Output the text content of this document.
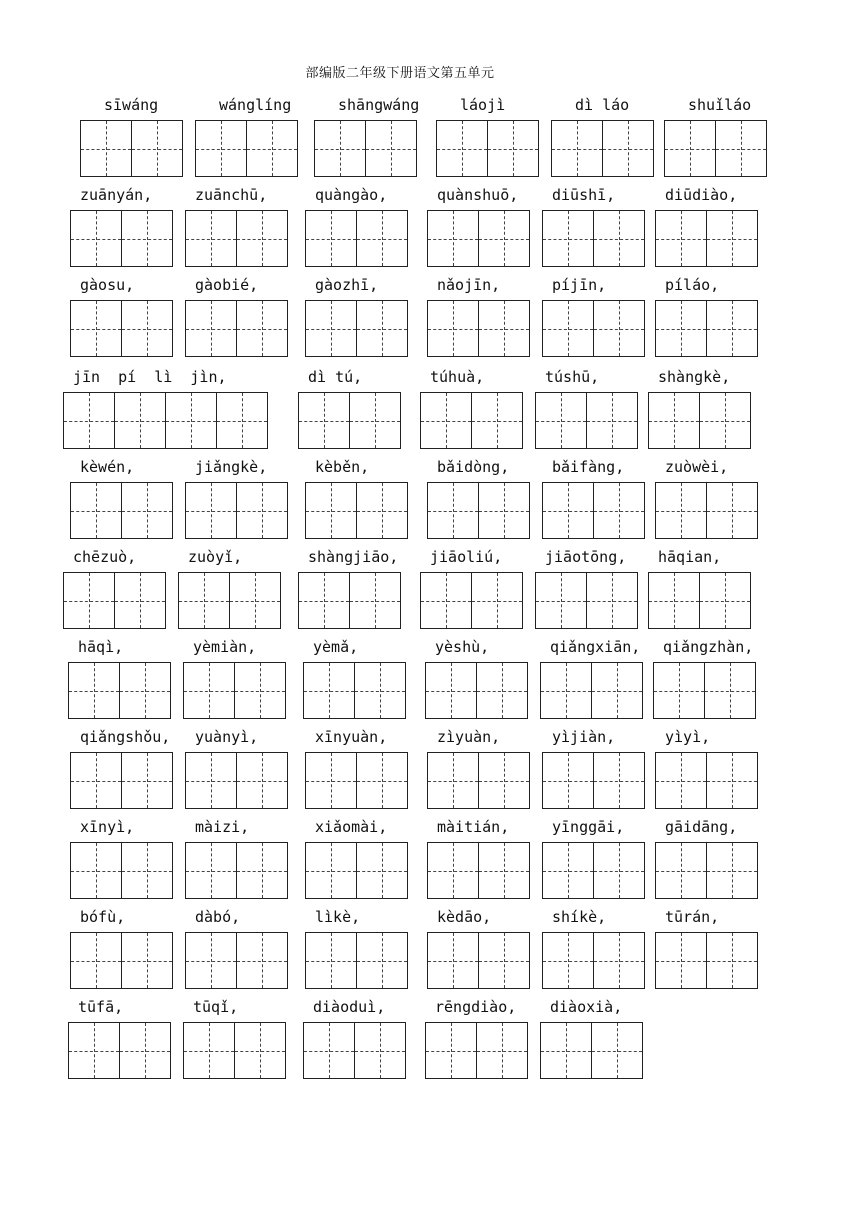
部编版二年级下册语文第五单元
sīwáng	wánglíng	shāngwáng	láojì	dì láo	shuǐláo
zuānyán,	zuānchū,	quàngào,	quànshuō, diūshī,	diūdiào,
gàosu,	gàobié,	gàozhī,	nǎojīn,	píjīn,	píláo,
jīn  pí  lì  jìn,	dì tú,	túhuà,	túshū,	shàngkè,
kèwén,	jiǎngkè,	kèběn,	bǎidòng,	bǎifàng,	zuòwèi,
chēzuò,	zuòyǐ,	shàngjiāo, jiāoliú,	jiāotōng, hāqian,
hāqì,	yèmiàn,	yèmǎ,	yèshù,	qiǎngxiān, qiǎngzhàn,
qiǎngshǒu, yuànyì,	xīnyuàn,	zìyuàn,	yìjiàn,	yìyì,
xīnyì,	màizi,	xiǎomài,	màitián,	yīnggāi,	gāidāng,
bófù,	dàbó,	lìkè,	kèdāo,	shíkè,	tūrán,
tūfā,	tūqǐ,	diàoduì,	rēngdiào, diàoxià,
